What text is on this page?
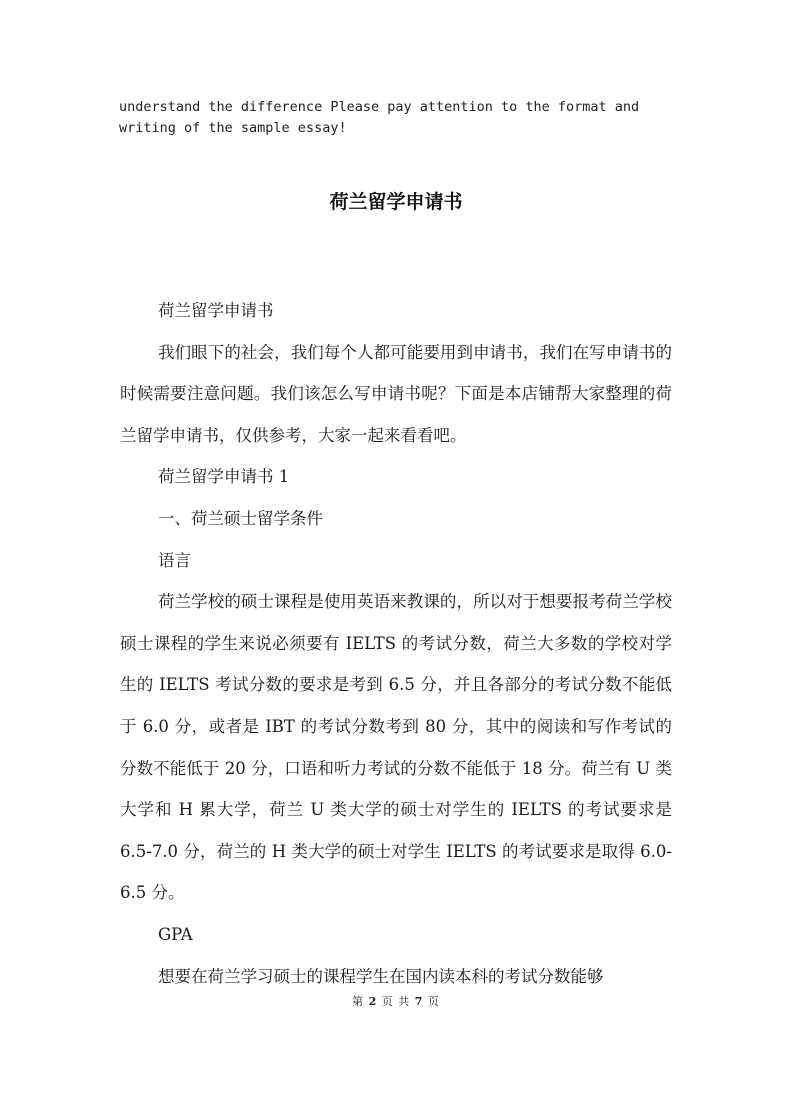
understand the difference Please pay attention to the format and
writing of the sample essay!
荷兰留学申请书

荷兰留学申请书

我们眼下的社会，我们每个人都可能要用到申请书，我们在写申请书的时候需要注意问题。我们该怎么写申请书呢？下面是本店铺帮大家整理的荷兰留学申请书，仅供参考，大家一起来看看吧。

荷兰留学申请书 1

一、荷兰硕士留学条件

语言

荷兰学校的硕士课程是使用英语来教课的，所以对于想要报考荷兰学校硕士课程的学生来说必须要有 IELTS 的考试分数，荷兰大多数的学校对学生的 IELTS 考试分数的要求是考到 6.5 分，并且各部分的考试分数不能低于 6.0 分，或者是 IBT 的考试分数考到 80 分，其中的阅读和写作考试的分数不能低于 20 分，口语和听力考试的分数不能低于 18 分。荷兰有 U 类大学和 H 累大学，荷兰 U 类大学的硕士对学生的 IELTS 的考试要求是 6.5-7.0 分，荷兰的 H 类大学的硕士对学生 IELTS 的考试要求是取得 6.0-6.5 分。

GPA

想要在荷兰学习硕士的课程学生在国内读本科的考试分数能够

第 2 页 共 7 页
